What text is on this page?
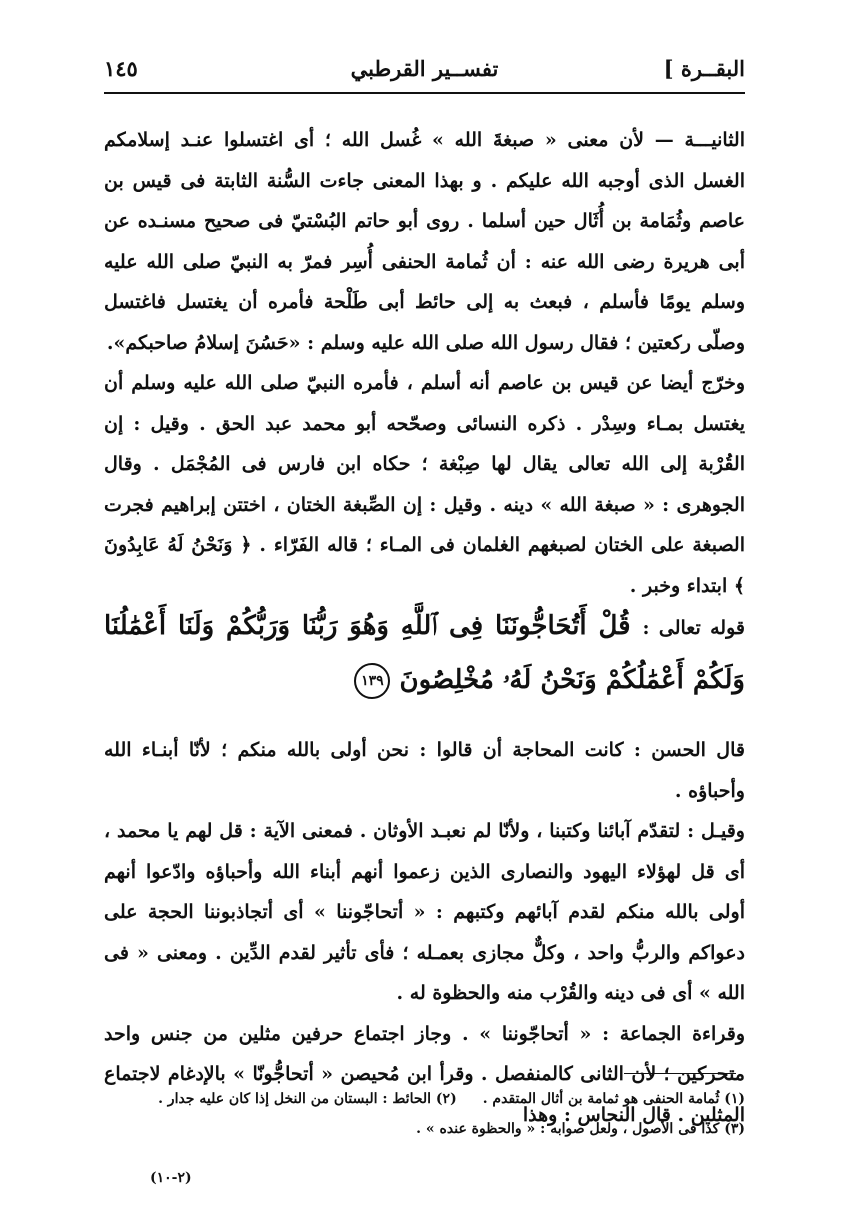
البقــرة ]
تفســير القرطبي
١٤٥

الثانيـــة — لأن معنى « صبغةَ الله » غُسل الله ؛ أى اغتسلوا عنـد إسلامكم الغسل الذى أوجبه الله عليكم . و بهذا المعنى جاءت السُّنة الثابتة فى قيس بن عاصم وثُمَامة بن أُثَال حين أسلما . روى أبو حاتم البُسْتيّ فى صحيح مسنـده عن أبى هريرة رضى الله عنه : أن ثُمامة الحنفى أُسِر فمرّ به النبيّ صلى الله عليه وسلم يومًا فأسلم ، فبعث به إلى حائط أبى طَلْحة فأمره أن يغتسل فاغتسل وصلّى ركعتين ؛ فقال رسول الله صلى الله عليه وسلم : «حَسُنَ إسلامُ صاحبكم».

وخرّج أيضا عن قيس بن عاصم أنه أسلم ، فأمره النبيّ صلى الله عليه وسلم أن يغتسل بمـاء وسِدْر . ذكره النسائى وصحّحه أبو محمد عبد الحق . وقيل : إن القُرْبة إلى الله تعالى يقال لها صِبْغة ؛ حكاه ابن فارس فى المُجْمَل . وقال الجوهرى : « صبغة الله » دينه . وقيل : إن الصِّبغة الختان ، اختتن إبراهيم فجرت الصبغة على الختان لصبغهم الغلمان فى المـاء ؛ قاله الفَرّاء . ﴿ وَنَحْنُ لَهُ عَابِدُونَ ﴾ ابتداء وخبر .

قوله تعالى : قُلْ أَتُحَاجُّونَنَا فِى ٱللَّهِ وَهُوَ رَبُّنَا وَرَبُّكُمْ وَلَنَا أَعْمَٰلُنَا وَلَكُمْ أَعْمَٰلُكُمْ وَنَحْنُ لَهُۥ مُخْلِصُونَ ١٣٩

قال الحسن : كانت المحاجة أن قالوا : نحن أولى بالله منكم ؛ لأنّا أبنـاء الله وأحباؤه .

وقيـل : لتقدّم آبائنا وكتبنا ، ولأنّا لم نعبـد الأوثان . فمعنى الآية : قل لهم يا محمد ، أى قل لهؤلاء اليهود والنصارى الذين زعموا أنهم أبناء الله وأحباؤه وادّعوا أنهم أولى بالله منكم لقدم آبائهم وكتبهم : « أتحاجّوننا » أى أتجاذبوننا الحجة على دعواكم والربُّ واحد ، وكلٌّ مجازى بعمـله ؛ فأى تأثير لقدم الدِّين . ومعنى « فى الله » أى فى دينه والقُرْب منه والحظوة له .

وقراءة الجماعة : « أتحاجّوننا » . وجاز اجتماع حرفين مثلين من جنس واحد متحركين ؛ لأن الثانى كالمنفصل . وقرأ ابن مُحيصن « أتحاجُّونّا » بالإدغام لاجتماع المثلين . قال النحاس : وهذا

(١) ثُمامة الحنفى هو ثمامة بن أثال المتقدم .
(٢) الحائط : البستان من النخل إذا كان عليه جدار .
(٣) كذا فى الأصول ، ولعل صوابه : « والحظوة عنده » .
(٢-١٠)
